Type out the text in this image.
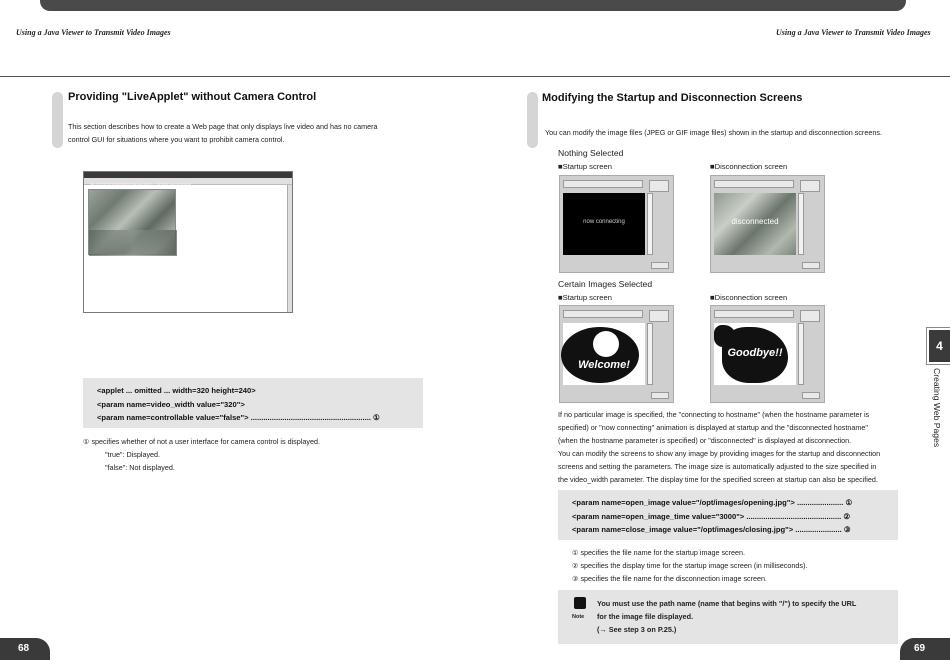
Using a Java Viewer to Transmit Video Images	Using a Java Viewer to Transmit Video Images
Providing "LiveApplet" without Camera Control
This section describes how to create a Web page that only displays live video and has no camera
control GUI for situations where you want to prohibit camera control.
http://172.20.28.13/sample/01/noap/sample.htm - Microsoft Internet Explorer
<applet ... omitted ... width=320 height=240>
<param name=video_width value="320">
<param name=controllable value="false"> ......................................................... ①
① specifies whether of not a user interface for camera control is displayed.
"true": Displayed.
"false": Not displayed.
68
Modifying the Startup and Disconnection Screens
You can modify the image files (JPEG or GIF image files) shown in the startup and disconnection screens.
Nothing Selected
■Startup screen	■Disconnection screen
now connecting	disconnected
Certain Images Selected
■Startup screen	■Disconnection screen
Welcome!
Goodbye!!
If no particular image is specified, the "connecting to hostname" (when the hostname parameter is
specified) or "now connecting" animation is displayed at startup and the "disconnected hostname"
(when the hostname parameter is specified) or "disconnected" is displayed at disconnection.
You can modify the screens to show any image by providing images for the startup and disconnection
screens and setting the parameters. The image size is automatically adjusted to the size specified in
the video_width parameter. The display time for the specified screen at startup can also be specified.
<param name=open_image value="/opt/images/opening.jpg"> ...................... ①
<param name=open_image_time value="3000"> ............................................. ②
<param name=close_image value="/opt/images/closing.jpg"> ...................... ③
① specifies the file name for the startup image screen.
② specifies the display time for the startup image screen (in milliseconds).
③ specifies the file name for the disconnection image screen.
Note
You must use the path name (name that begins with "/") to specify the URL
for the image file displayed.
(→ See step 3 on P.25.)
4
Creating Web Pages
69
